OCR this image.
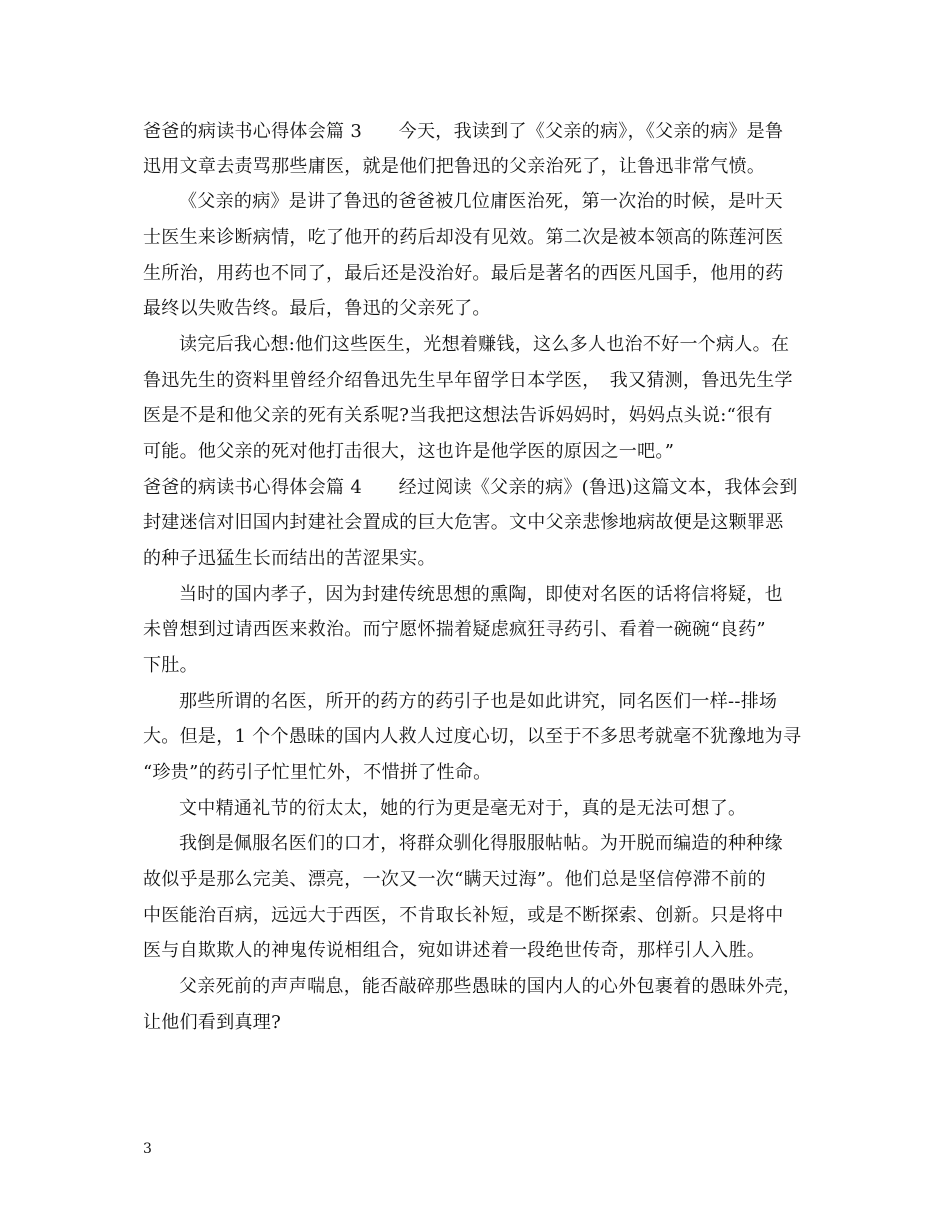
爸爸的病读书心得体会篇 3　　今天，我读到了《父亲的病》，《父亲的病》是鲁
迅用文章去责骂那些庸医，就是他们把鲁迅的父亲治死了，让鲁迅非常气愤。
《父亲的病》是讲了鲁迅的爸爸被几位庸医治死，第一次治的时候，是叶天
士医生来诊断病情，吃了他开的药后却没有见效。第二次是被本领高的陈莲河医
生所治，用药也不同了，最后还是没治好。最后是著名的西医凡国手，他用的药
最终以失败告终。最后，鲁迅的父亲死了。
读完后我心想:他们这些医生，光想着赚钱，这么多人也治不好一个病人。在
鲁迅先生的资料里曾经介绍鲁迅先生早年留学日本学医，　我又猜测，鲁迅先生学
医是不是和他父亲的死有关系呢?当我把这想法告诉妈妈时，妈妈点头说:“很有
可能。他父亲的死对他打击很大，这也许是他学医的原因之一吧。”
爸爸的病读书心得体会篇 4　　经过阅读《父亲的病》(鲁迅)这篇文本，我体会到
封建迷信对旧国内封建社会置成的巨大危害。文中父亲悲惨地病故便是这颗罪恶
的种子迅猛生长而结出的苦涩果实。
当时的国内孝子，因为封建传统思想的熏陶，即使对名医的话将信将疑，也
未曾想到过请西医来救治。而宁愿怀揣着疑虑疯狂寻药引、看着一碗碗“良药”
下肚。
那些所谓的名医，所开的药方的药引子也是如此讲究，同名医们一样--排场
大。但是，1 个个愚昧的国内人救人过度心切，以至于不多思考就毫不犹豫地为寻
“珍贵”的药引子忙里忙外，不惜拼了性命。
文中精通礼节的衍太太，她的行为更是毫无对于，真的是无法可想了。
我倒是佩服名医们的口才，将群众驯化得服服帖帖。为开脱而编造的种种缘
故似乎是那么完美、漂亮，一次又一次“瞒天过海”。他们总是坚信停滞不前的
中医能治百病，远远大于西医，不肯取长补短，或是不断探索、创新。只是将中
医与自欺欺人的神鬼传说相组合，宛如讲述着一段绝世传奇，那样引人入胜。
父亲死前的声声喘息，能否敲碎那些愚昧的国内人的心外包裹着的愚昧外壳，
让他们看到真理?
3
